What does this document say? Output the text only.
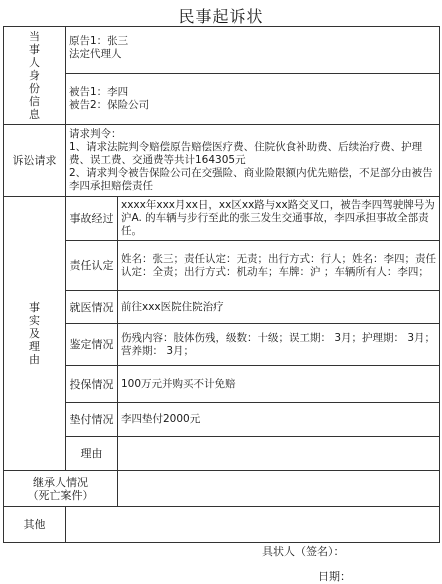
民事起诉状
当事人身份信息	原告1：张三
法定代理人
被告1：李四
被告2：保险公司	

诉讼请求	请求判令：
1、请求法院判令赔偿原告赔偿医疗费、住院伙食补助费、后续治疗费、护理费、误工费、交通费等共计164305元
2、请求判令被告保险公司在交强险、商业险限额内优先赔偿，不足部分由被告李四承担赔偿责任	

事实及理由	事故经过	xxxx年xxx月xx日，xx区xx路与xx路交叉口，被告李四驾驶牌号为沪A. 的车辆与步行至此的张三发生交通事故，李四承担事故全部责任。
	责任认定	姓名：张三；责任认定：无责；出行方式：行人；姓名：李四；责任认定：全责；出行方式：机动车；车牌：沪 ；车辆所有人：李四；
	就医情况	前往xxx医院住院治疗
	鉴定情况	伤残内容：肢体伤残，级数：十级；误工期： 3月；护理期： 3月；营养期： 3月；
	投保情况	100万元并购买不计免赔
	垫付情况	李四垫付2000元
	理由	

继承人情况
（死亡案件）		

其他		
具状人（签名）：
日期：
